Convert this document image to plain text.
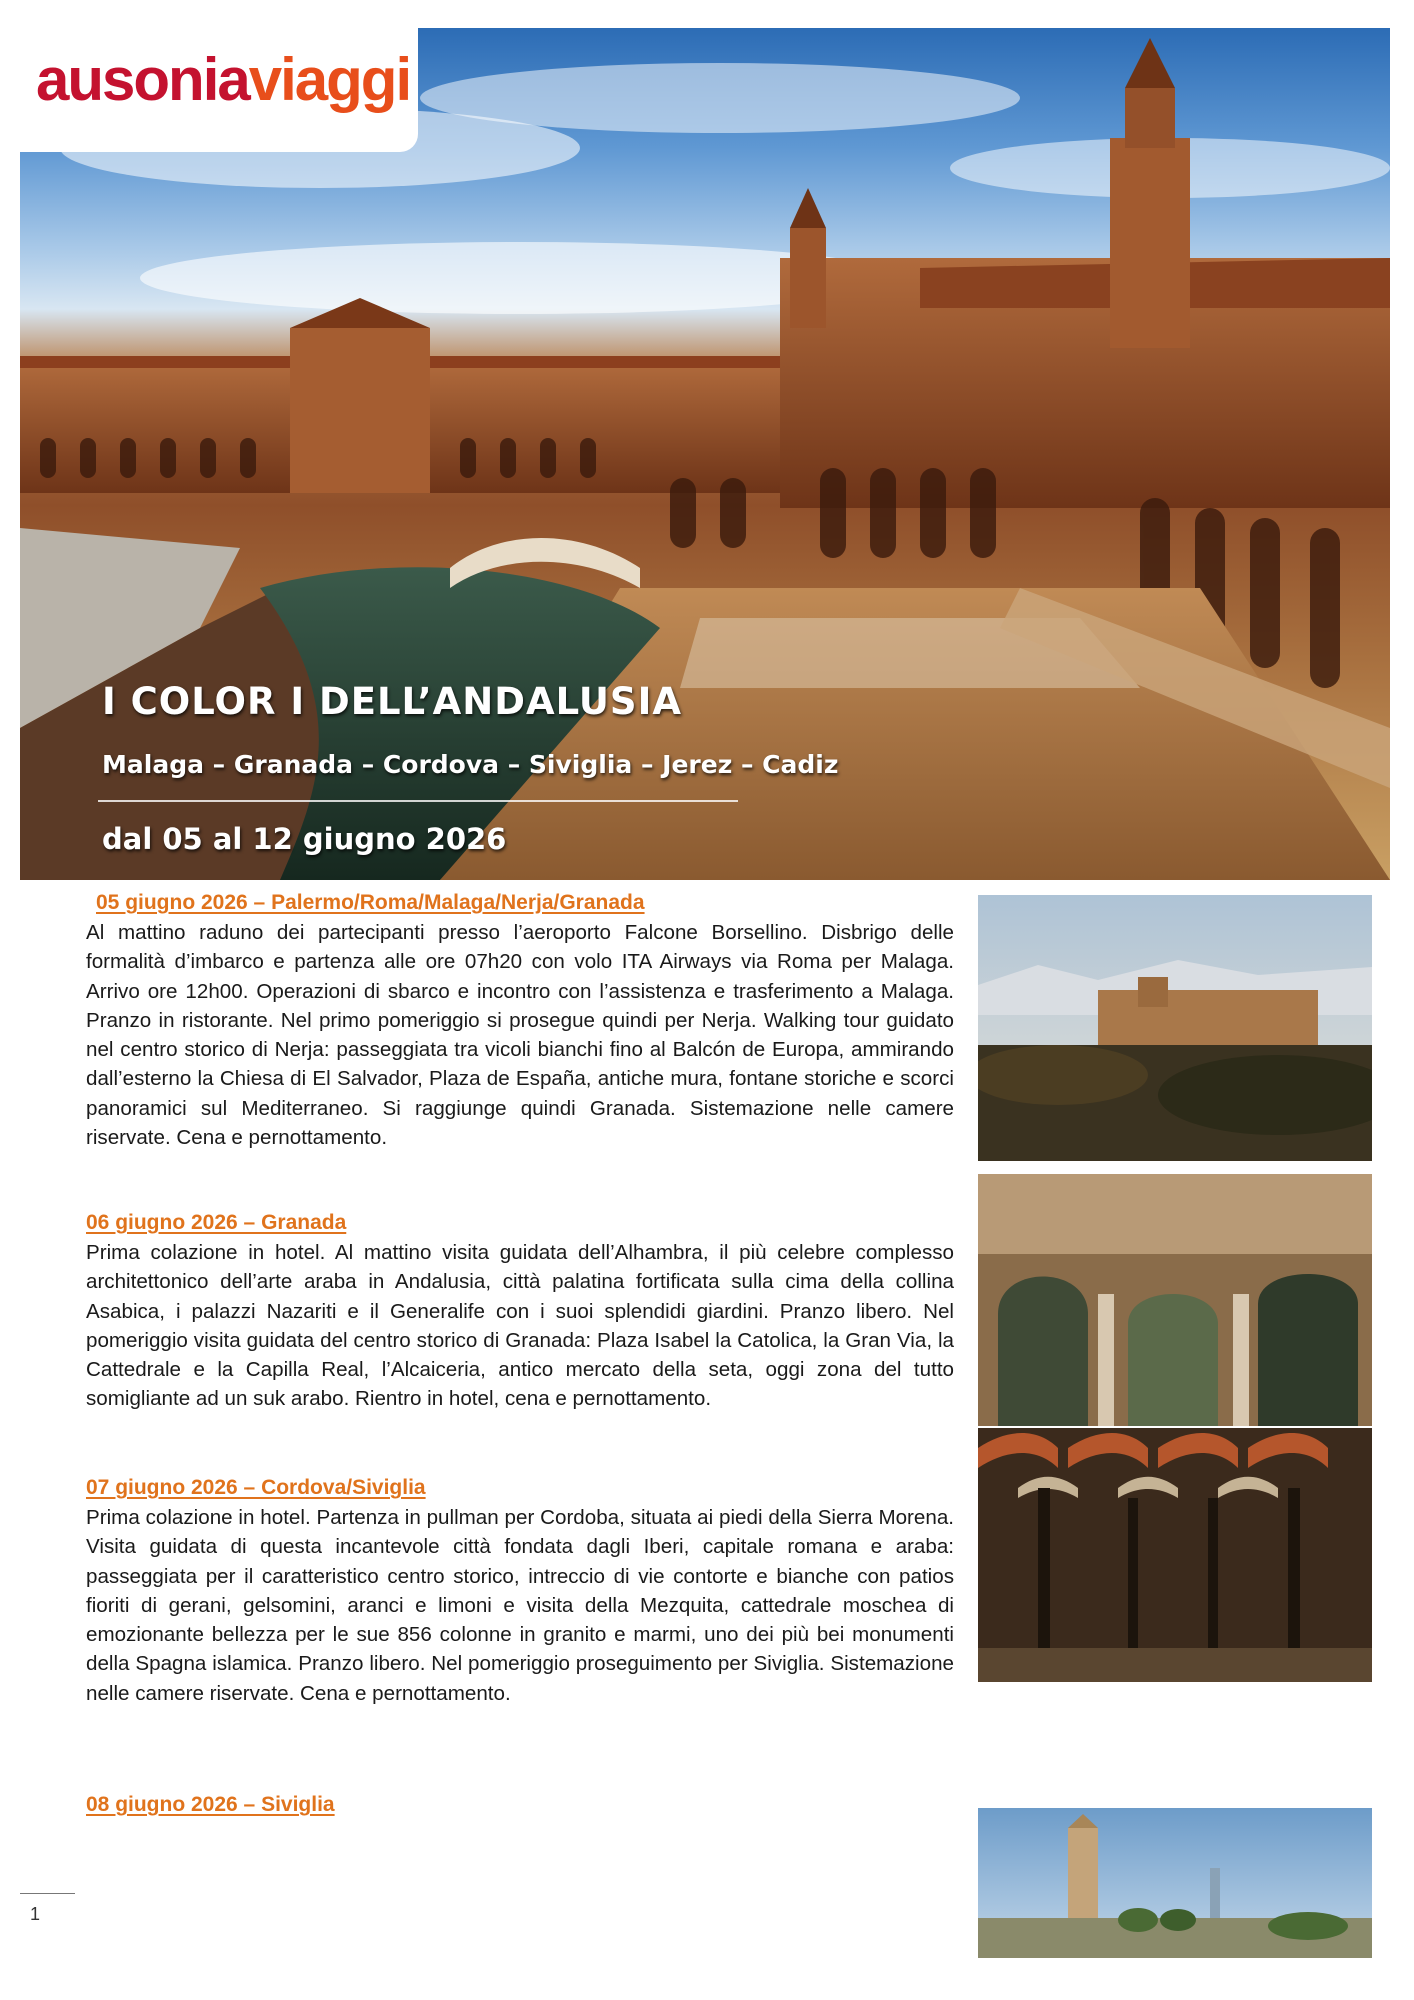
ausoniaviaggi
I COLOR I DELL’ANDALUSIA
Malaga – Granada – Cordova – Siviglia – Jerez – Cadiz
dal 05 al 12 giugno 2026
05 giugno 2026 – Palermo/Roma/Malaga/Nerja/Granada

Al mattino raduno dei partecipanti presso l’aeroporto Falcone Borsellino. Disbrigo delle formalità d’imbarco e partenza alle ore 07h20 con volo ITA Airways via Roma per Malaga. Arrivo ore 12h00. Operazioni di sbarco e incontro con l’assistenza e trasferimento a Malaga. Pranzo in ristorante. Nel primo pomeriggio si prosegue quindi per Nerja. Walking tour guidato nel centro storico di Nerja: passeggiata tra vicoli bianchi fino al Balcón de Europa, ammirando dall’esterno la Chiesa di El Salvador, Plaza de España, antiche mura, fontane storiche e scorci panoramici sul Mediterraneo. Si raggiunge quindi Granada. Sistemazione nelle camere riservate. Cena e pernottamento.

06 giugno 2026 – Granada

Prima colazione in hotel. Al mattino visita guidata dell’Alhambra, il più celebre complesso architettonico dell’arte araba in Andalusia, città palatina fortificata sulla cima della collina Asabica, i palazzi Nazariti e il Generalife con i suoi splendidi giardini. Pranzo libero. Nel pomeriggio visita guidata del centro storico di Granada: Plaza Isabel la Catolica, la Gran Via, la Cattedrale e la Capilla Real, l’Alcaiceria, antico mercato della seta, oggi zona del tutto somigliante ad un suk arabo. Rientro in hotel, cena e pernottamento.

07 giugno 2026 – Cordova/Siviglia

Prima colazione in hotel. Partenza in pullman per Cordoba, situata ai piedi della Sierra Morena. Visita guidata di questa incantevole città fondata dagli Iberi, capitale romana e araba: passeggiata per il caratteristico centro storico, intreccio di vie contorte e bianche con patios fioriti di gerani, gelsomini, aranci e limoni e visita della Mezquita, cattedrale moschea di emozionante bellezza per le sue 856 colonne in granito e marmi, uno dei più bei monumenti della Spagna islamica. Pranzo libero. Nel pomeriggio proseguimento per Siviglia. Sistemazione nelle camere riservate. Cena e pernottamento.

08 giugno 2026 – Siviglia

1
